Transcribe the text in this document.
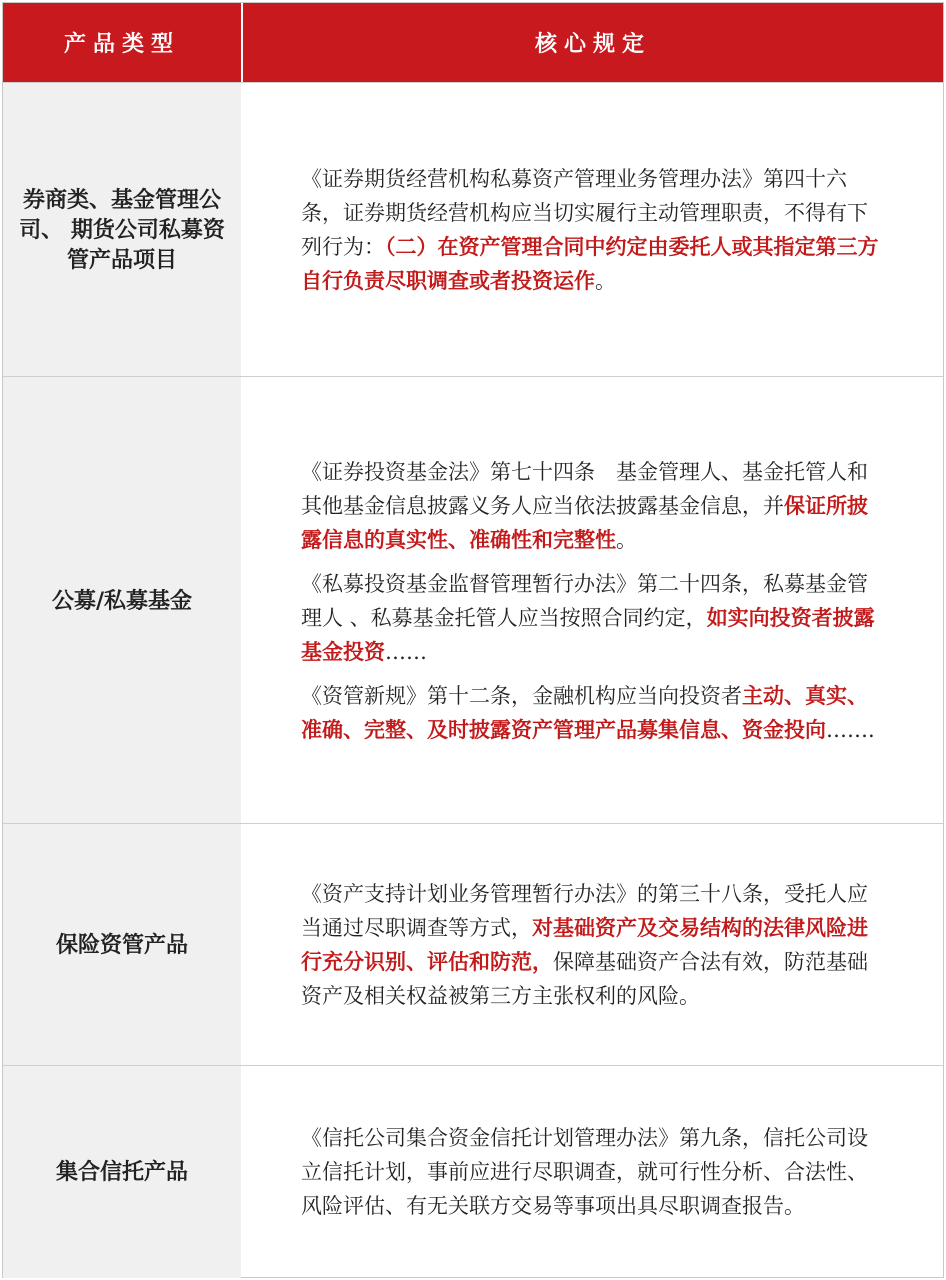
产品类型	核心规定
券商类、基金管理公司、 期货公司私募资管产品项目

《证券期货经营机构私募资产管理业务管理办法》第四十六条，证券期货经营机构应当切实履行主动管理职责，不得有下列行为：（二）在资产管理合同中约定由委托人或其指定第三方自行负责尽职调查或者投资运作。

公募/私募基金

《证券投资基金法》第七十四条　基金管理人、基金托管人和其他基金信息披露义务人应当依法披露基金信息，并保证所披露信息的真实性、准确性和完整性。

《私募投资基金监督管理暂行办法》第二十四条，私募基金管理人 、私募基金托管人应当按照合同约定，如实向投资者披露基金投资……

《资管新规》第十二条，金融机构应当向投资者主动、真实、准确、完整、及时披露资产管理产品募集信息、资金投向…….

保险资管产品

《资产支持计划业务管理暂行办法》的第三十八条，受托人应当通过尽职调查等方式，对基础资产及交易结构的法律风险进行充分识别、评估和防范，保障基础资产合法有效，防范基础资产及相关权益被第三方主张权利的风险。

集合信托产品

《信托公司集合资金信托计划管理办法》第九条，信托公司设立信托计划，事前应进行尽职调查，就可行性分析、合法性、风险评估、有无关联方交易等事项出具尽职调查报告。
